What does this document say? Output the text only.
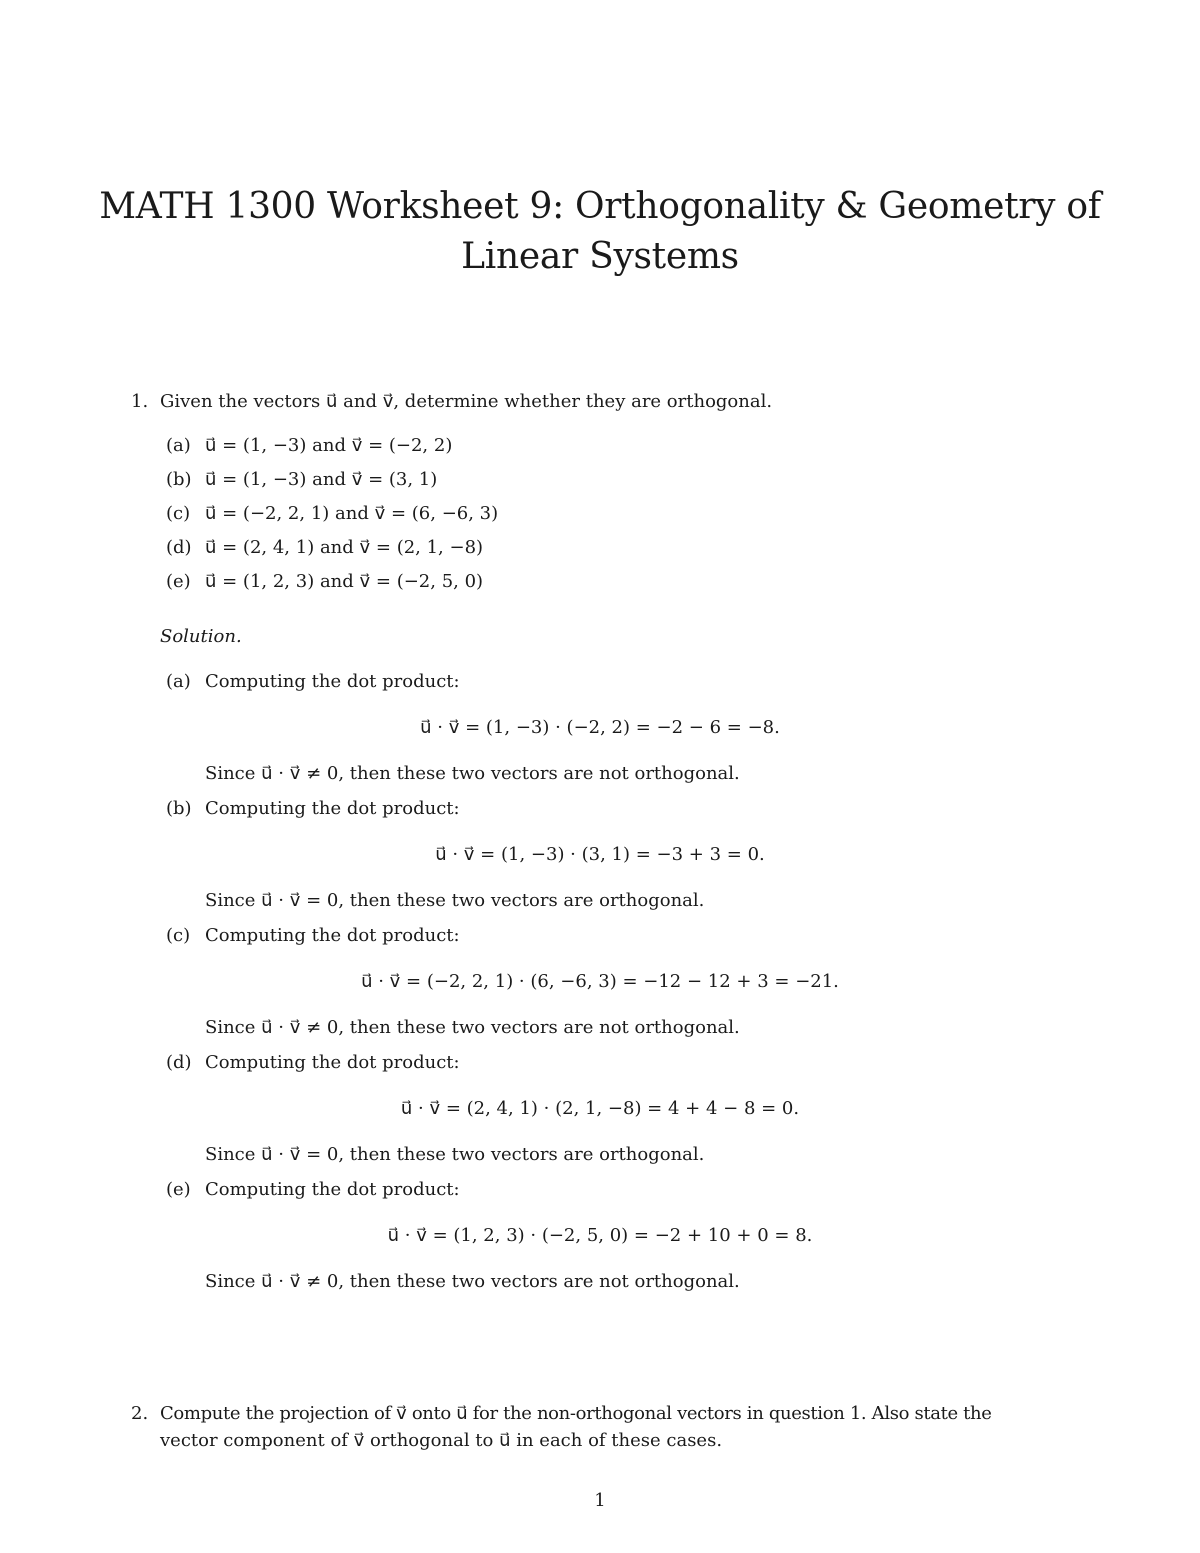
MATH 1300 Worksheet 9: Orthogonality & Geometry of
Linear Systems
1. Given the vectors u⃗ and v⃗, determine whether they are orthogonal.
(a) u⃗ = (1, −3) and v⃗ = (−2, 2)
(b) u⃗ = (1, −3) and v⃗ = (3, 1)
(c) u⃗ = (−2, 2, 1) and v⃗ = (6, −6, 3)
(d) u⃗ = (2, 4, 1) and v⃗ = (2, 1, −8)
(e) u⃗ = (1, 2, 3) and v⃗ = (−2, 5, 0)
Solution.
(a) Computing the dot product:
u⃗ · v⃗ = (1, −3) · (−2, 2) = −2 − 6 = −8.
Since u⃗ · v⃗ ≠ 0, then these two vectors are not orthogonal.
(b) Computing the dot product:
u⃗ · v⃗ = (1, −3) · (3, 1) = −3 + 3 = 0.
Since u⃗ · v⃗ = 0, then these two vectors are orthogonal.
(c) Computing the dot product:
u⃗ · v⃗ = (−2, 2, 1) · (6, −6, 3) = −12 − 12 + 3 = −21.
Since u⃗ · v⃗ ≠ 0, then these two vectors are not orthogonal.
(d) Computing the dot product:
u⃗ · v⃗ = (2, 4, 1) · (2, 1, −8) = 4 + 4 − 8 = 0.
Since u⃗ · v⃗ = 0, then these two vectors are orthogonal.
(e) Computing the dot product:
u⃗ · v⃗ = (1, 2, 3) · (−2, 5, 0) = −2 + 10 + 0 = 8.
Since u⃗ · v⃗ ≠ 0, then these two vectors are not orthogonal.
2. Compute the projection of v⃗ onto u⃗ for the non-orthogonal vectors in question 1. Also state the
vector component of v⃗ orthogonal to u⃗ in each of these cases.
1
